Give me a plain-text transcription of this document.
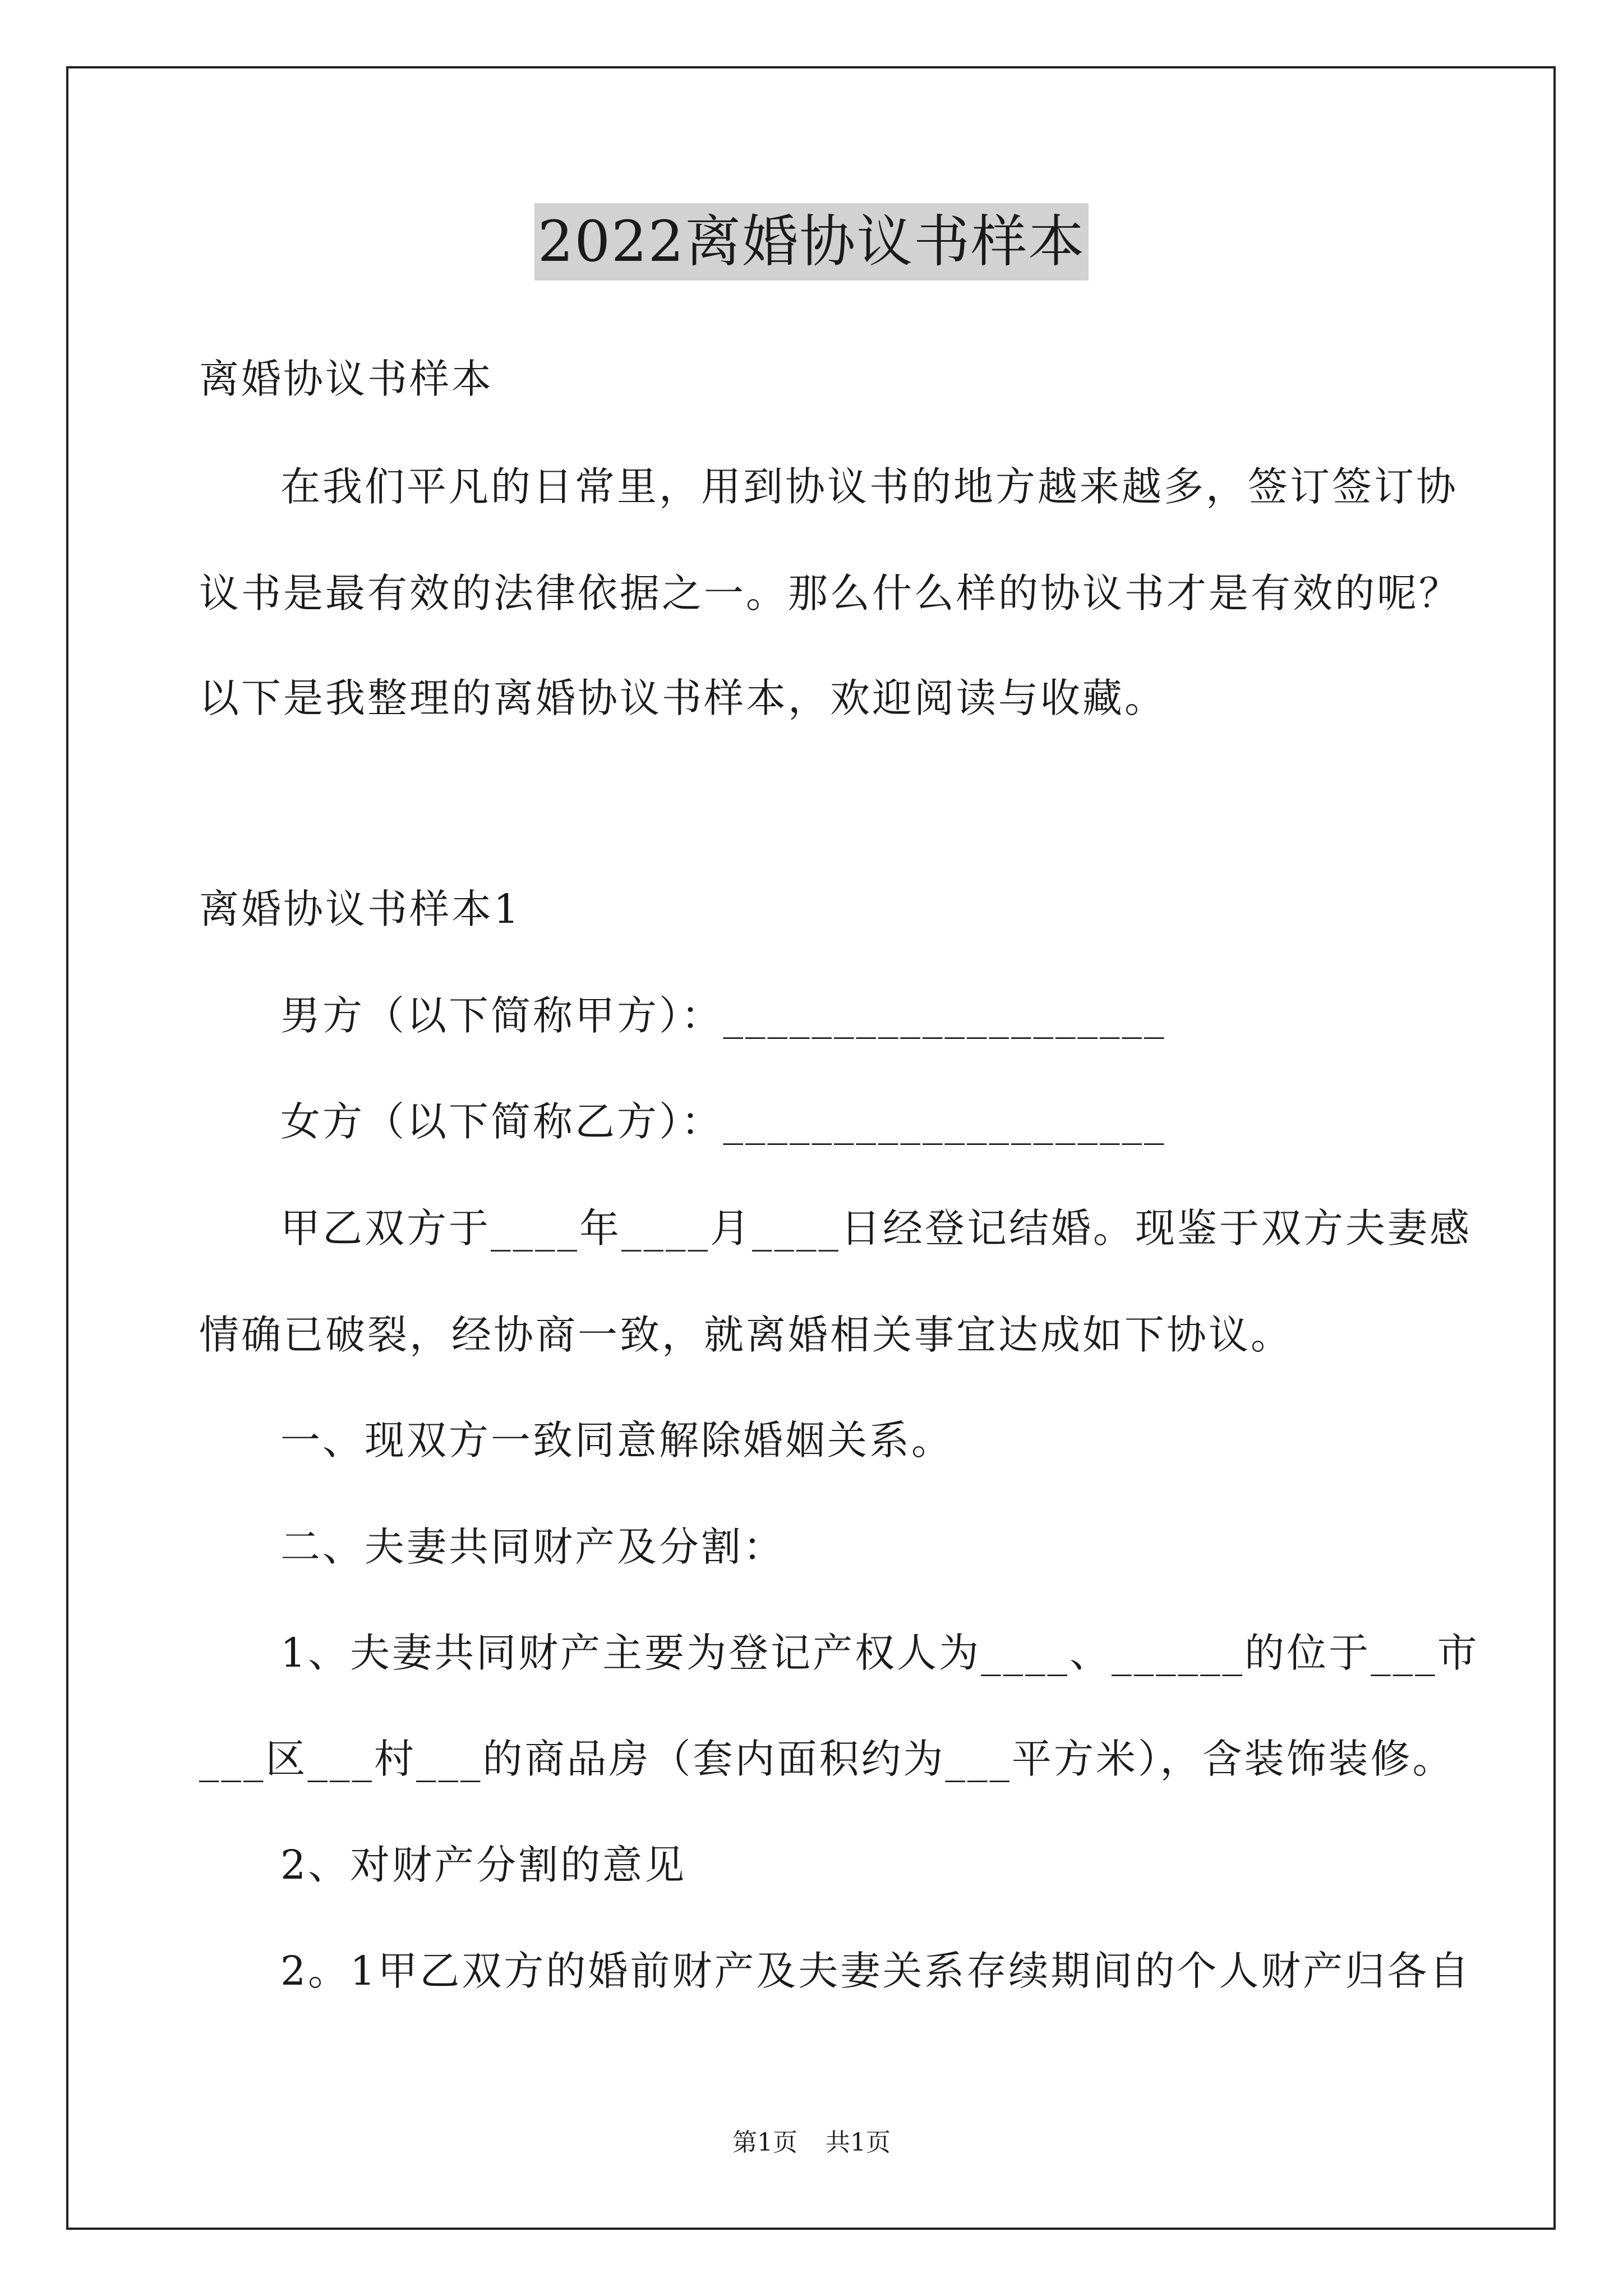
2022离婚协议书样本
离婚协议书样本
在我们平凡的日常里，用到协议书的地方越来越多，签订签订协
议书是最有效的法律依据之一。那么什么样的协议书才是有效的呢？
以下是我整理的离婚协议书样本，欢迎阅读与收藏。
离婚协议书样本1
男方（以下简称甲方）：____________________
女方（以下简称乙方）：____________________
甲乙双方于____年____月____日经登记结婚。现鉴于双方夫妻感
情确已破裂，经协商一致，就离婚相关事宜达成如下协议。
一、现双方一致同意解除婚姻关系。
二、夫妻共同财产及分割：
1、夫妻共同财产主要为登记产权人为____、______的位于___市
___区___村___的商品房（套内面积约为___平方米），含装饰装修。
2、对财产分割的意见
2。1甲乙双方的婚前财产及夫妻关系存续期间的个人财产归各自
第1页 共1页
